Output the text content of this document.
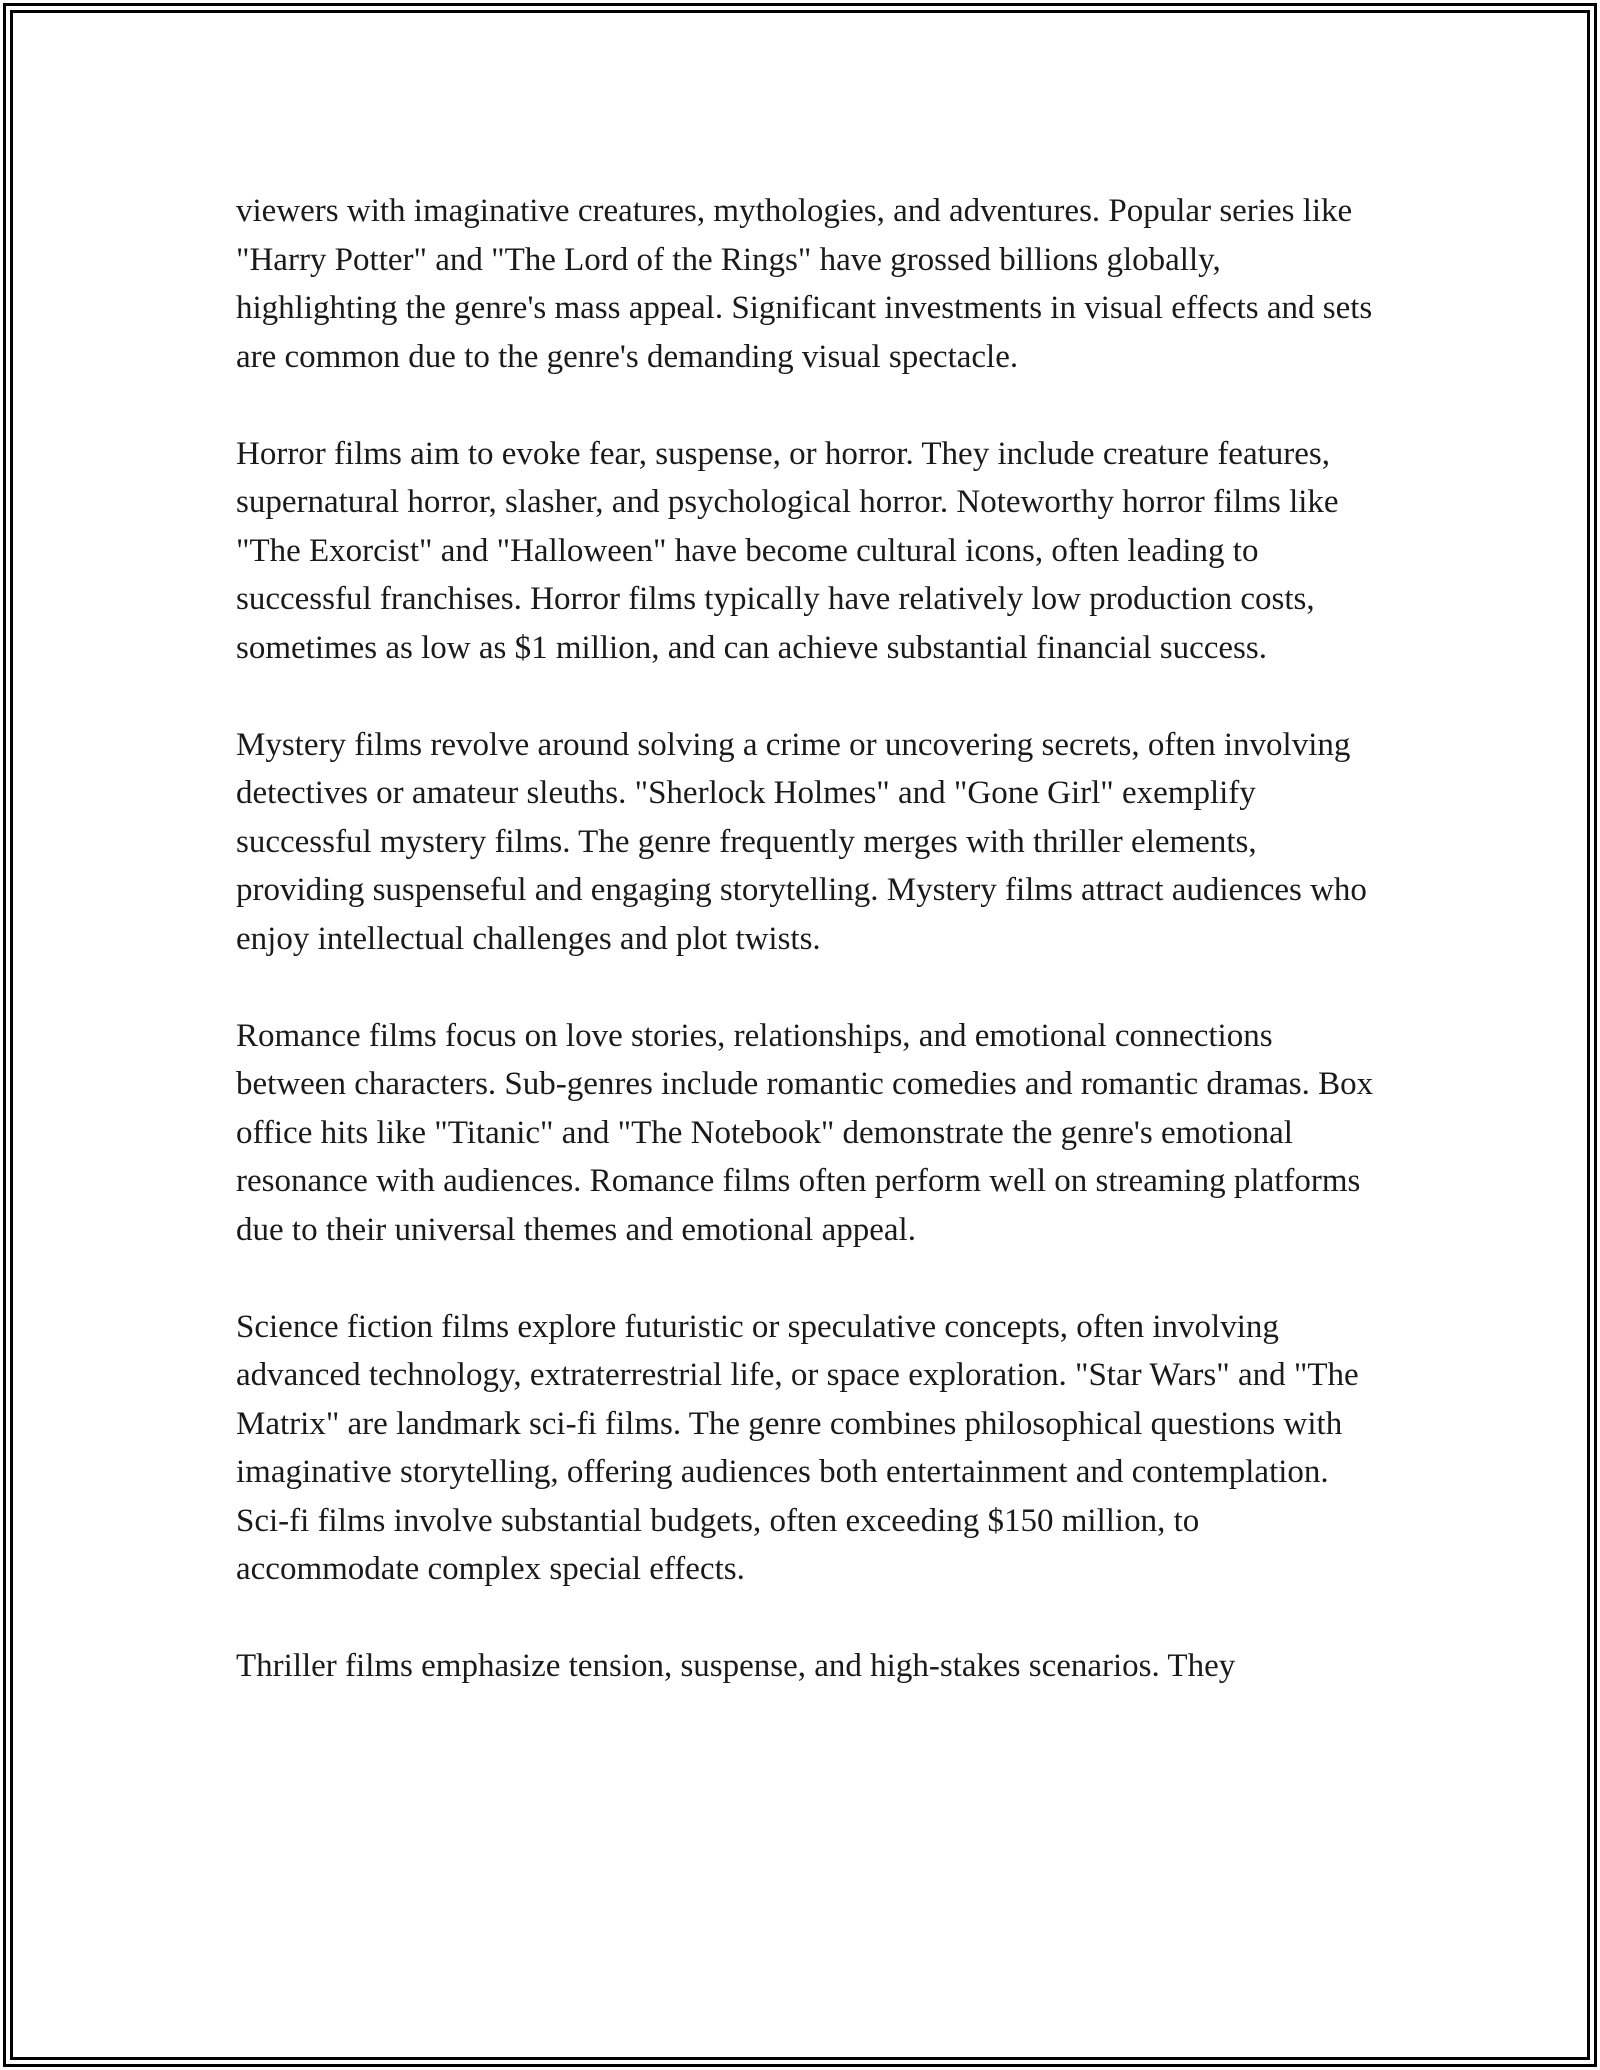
viewers with imaginative creatures, mythologies, and adventures. Popular series like "Harry Potter" and "The Lord of the Rings" have grossed billions globally, highlighting the genre's mass appeal. Significant investments in visual effects and sets are common due to the genre's demanding visual spectacle.

Horror films aim to evoke fear, suspense, or horror. They include creature features, supernatural horror, slasher, and psychological horror. Noteworthy horror films like "The Exorcist" and "Halloween" have become cultural icons, often leading to successful franchises. Horror films typically have relatively low production costs, sometimes as low as $1 million, and can achieve substantial financial success.

Mystery films revolve around solving a crime or uncovering secrets, often involving detectives or amateur sleuths. "Sherlock Holmes" and "Gone Girl" exemplify successful mystery films. The genre frequently merges with thriller elements, providing suspenseful and engaging storytelling. Mystery films attract audiences who enjoy intellectual challenges and plot twists.

Romance films focus on love stories, relationships, and emotional connections between characters. Sub-genres include romantic comedies and romantic dramas. Box office hits like "Titanic" and "The Notebook" demonstrate the genre's emotional resonance with audiences. Romance films often perform well on streaming platforms due to their universal themes and emotional appeal.

Science fiction films explore futuristic or speculative concepts, often involving advanced technology, extraterrestrial life, or space exploration. "Star Wars" and "The Matrix" are landmark sci-fi films. The genre combines philosophical questions with imaginative storytelling, offering audiences both entertainment and contemplation. Sci-fi films involve substantial budgets, often exceeding $150 million, to accommodate complex special effects.

Thriller films emphasize tension, suspense, and high-stakes scenarios. They
